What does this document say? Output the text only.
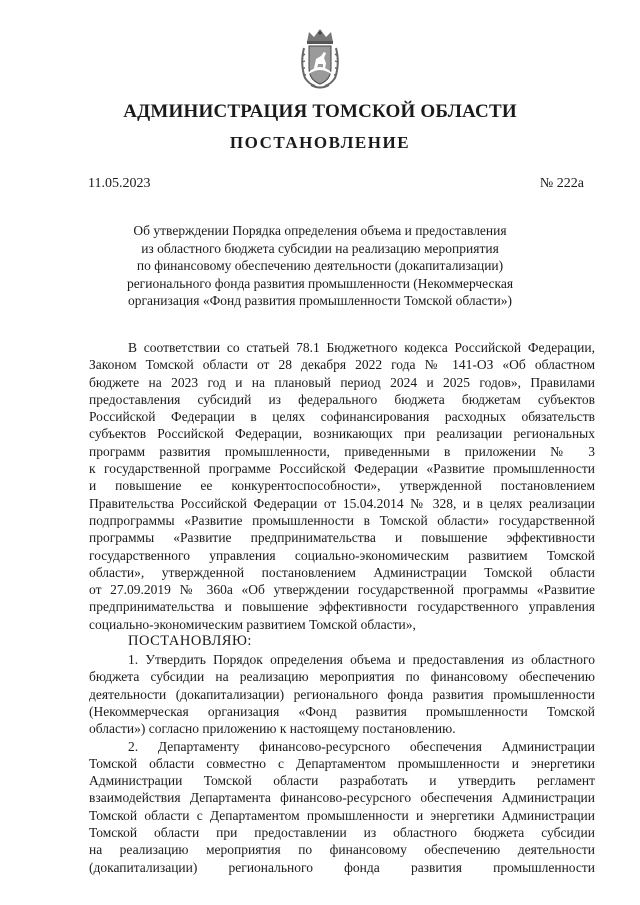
АДМИНИСТРАЦИЯ ТОМСКОЙ ОБЛАСТИ
ПОСТАНОВЛЕНИЕ
11.05.2023	№ 222а
Об утверждении Порядка определения объема и предоставления
из областного бюджета субсидии на реализацию мероприятия
по финансовому обеспечению деятельности (докапитализации)
регионального фонда развития промышленности (Некоммерческая
организация «Фонд развития промышленности Томской области»)
В соответствии со статьей 78.1 Бюджетного кодекса Российской Федерации,
Законом Томской области от 28 декабря 2022 года № 141-ОЗ «Об областном
бюджете на 2023 год и на плановый период 2024 и 2025 годов», Правилами
предоставления субсидий из федерального бюджета бюджетам субъектов
Российской Федерации в целях софинансирования расходных обязательств
субъектов Российской Федерации, возникающих при реализации региональных
программ развития промышленности, приведенными в приложении № 3
к государственной программе Российской Федерации «Развитие промышленности
и повышение ее конкурентоспособности», утвержденной постановлением
Правительства Российской Федерации от 15.04.2014 № 328, и в целях реализации
подпрограммы «Развитие промышленности в Томской области» государственной
программы «Развитие предпринимательства и повышение эффективности
государственного управления социально-экономическим развитием Томской
области», утвержденной постановлением Администрации Томской области
от 27.09.2019 № 360а «Об утверждении государственной программы «Развитие
предпринимательства и повышение эффективности государственного управления
социально-экономическим развитием Томской области»,
ПОСТАНОВЛЯЮ:
1. Утвердить Порядок определения объема и предоставления из областного
бюджета субсидии на реализацию мероприятия по финансовому обеспечению
деятельности (докапитализации) регионального фонда развития промышленности
(Некоммерческая организация «Фонд развития промышленности Томской
области») согласно приложению к настоящему постановлению.
2. Департаменту финансово-ресурсного обеспечения Администрации
Томской области совместно с Департаментом промышленности и энергетики
Администрации Томской области разработать и утвердить регламент
взаимодействия Департамента финансово-ресурсного обеспечения Администрации
Томской области с Департаментом промышленности и энергетики Администрации
Томской области при предоставлении из областного бюджета субсидии
на реализацию мероприятия по финансовому обеспечению деятельности
(докапитализации) регионального фонда развития промышленности
